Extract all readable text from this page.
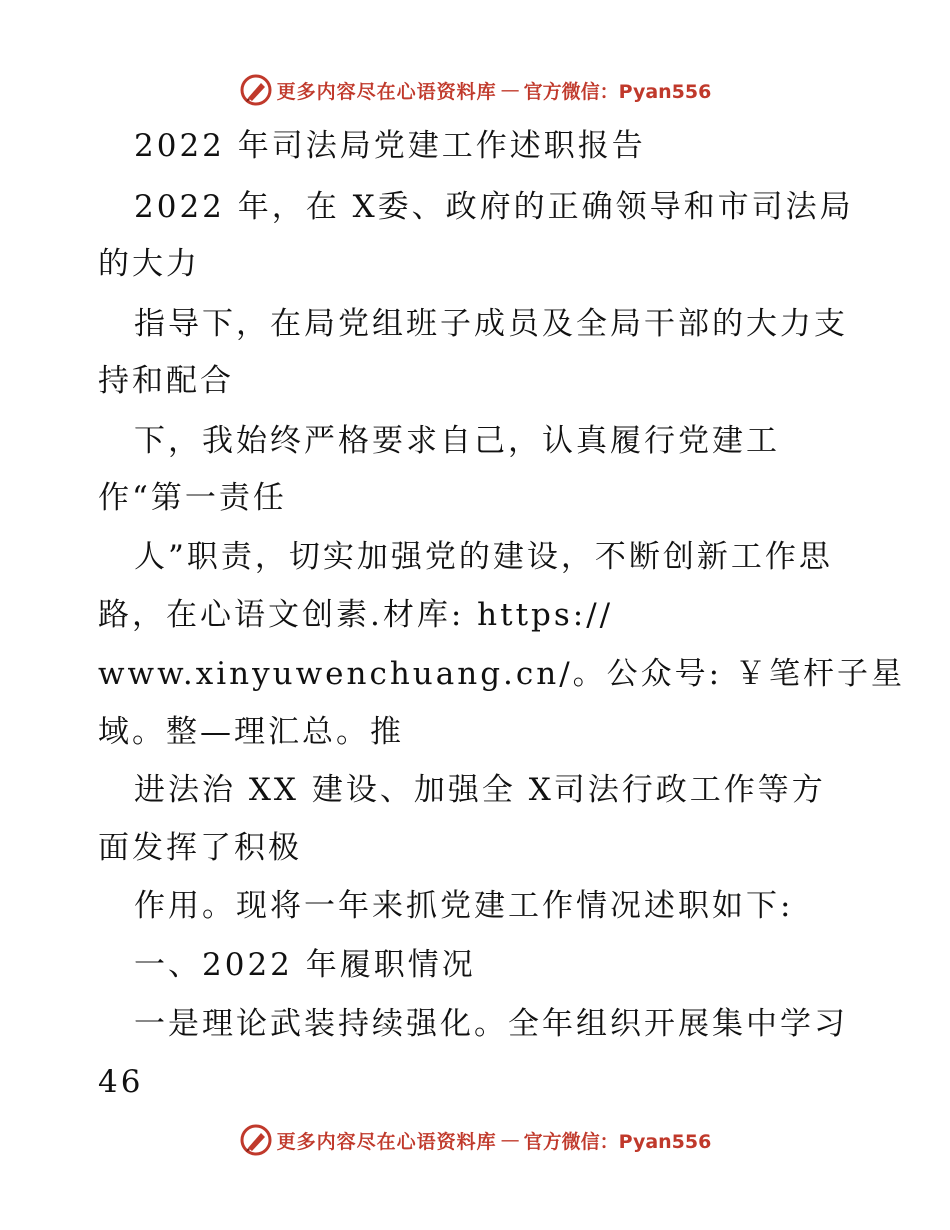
更多内容尽在心语资料库 — 官方微信：Pyan556
2022 年司法局党建工作述职报告
2022 年，在 X委、政府的正确领导和市司法局
的大力
指导下，在局党组班子成员及全局干部的大力支
持和配合
下，我始终严格要求自己，认真履行党建工
作“第一责任
人”职责，切实加强党的建设，不断创新工作思
路，在心语文创素.材库: https://
www.xinyuwenchuang.cn/。公众号: ￥笔杆子星
域。整—理汇总。推
进法治 XX 建设、加强全 X司法行政工作等方
面发挥了积极
作用。现将一年来抓党建工作情况述职如下:
一、2022 年履职情况
一是理论武装持续强化。全年组织开展集中学习
46
更多内容尽在心语资料库 — 官方微信：Pyan556
